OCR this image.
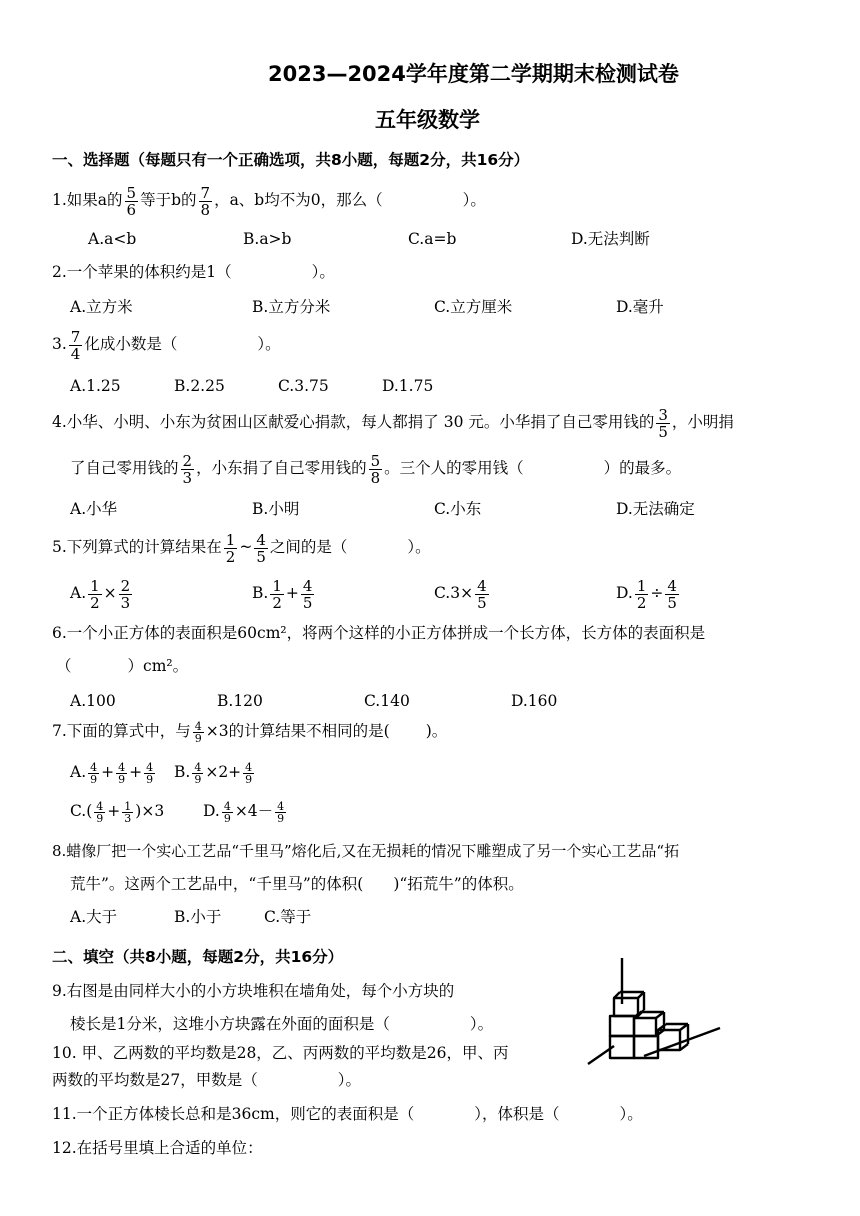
2023—2024学年度第二学期期末检测试卷
五年级数学
一、选择题（每题只有一个正确选项，共8小题，每题2分，共16分）
1.如果a的 $\frac{5}{6}$ 等于b的 $\frac{7}{8}$ ，a、b均不为0，那么（	）。
A.a<b	B.a>b	C.a=b	D.无法判断
2.一个苹果的体积约是1（	）。
A.立方米	B.立方分米	C.立方厘米	D.毫升
3. $\frac{7}{4}$ 化成小数是（	）。
A.1.25	B.2.25	C.3.75	D.1.75
4.小华、小明、小东为贫困山区献爱心捐款，每人都捐了 30 元。小华捐了自己零用钱的 $\frac{3}{5}$ ，小明捐
了自己零用钱的 $\frac{2}{3}$ ，小东捐了自己零用钱的 $\frac{5}{8}$ 。三个人的零用钱（	）的最多。
A.小华	B.小明	C.小东	D.无法确定
5.下列算式的计算结果在 $\frac{1}{2}$ ~ $\frac{4}{5}$ 之间的是（	）。
A. $\frac{1}{2} \times \frac{2}{3}$	B. $\frac{1}{2} + \frac{4}{5}$	$C.3\times \frac{4}{5}$	D. $\frac{1}{2} \div \frac{4}{5}$
6.一个小正方体的表面积是60cm²，将两个这样的小正方体拼成一个长方体，长方体的表面积是
（	）cm²。
A.100	B.120	C.140	D.160
7.下面的算式中，与 $\frac{4}{9} \times 3$的计算结果不相同的是( )。
A. $\frac{4}{9} + \frac{4}{9} + \frac{4}{9} B$. $\frac{4}{9} \times 2+ \frac{4}{9}$
$C.( \frac{4}{9} + \frac{1}{3} )\times 3$	D. $\frac{4}{9} \times 4- \frac{4}{9}$
8.蜡像厂把一个实心工艺品“千里马”熔化后,又在无损耗的情况下雕塑成了另一个实心工艺品“拓
荒牛”。这两个工艺品中，“千里马”的体积( )“拓荒牛”的体积。
A.大于	B.小于	C.等于
二、填空（共8小题，每题2分，共16分）
9.右图是由同样大小的小方块堆积在墙角处，每个小方块的
棱长是1分米，这堆小方块露在外面的面积是（	）。
10. 甲、乙两数的平均数是28，乙、丙两数的平均数是26，甲、丙
两数的平均数是27，甲数是（	）。
11.一个正方体棱长总和是36cm，则它的表面积是（	），体积是（	）。
12.在括号里填上合适的单位：
